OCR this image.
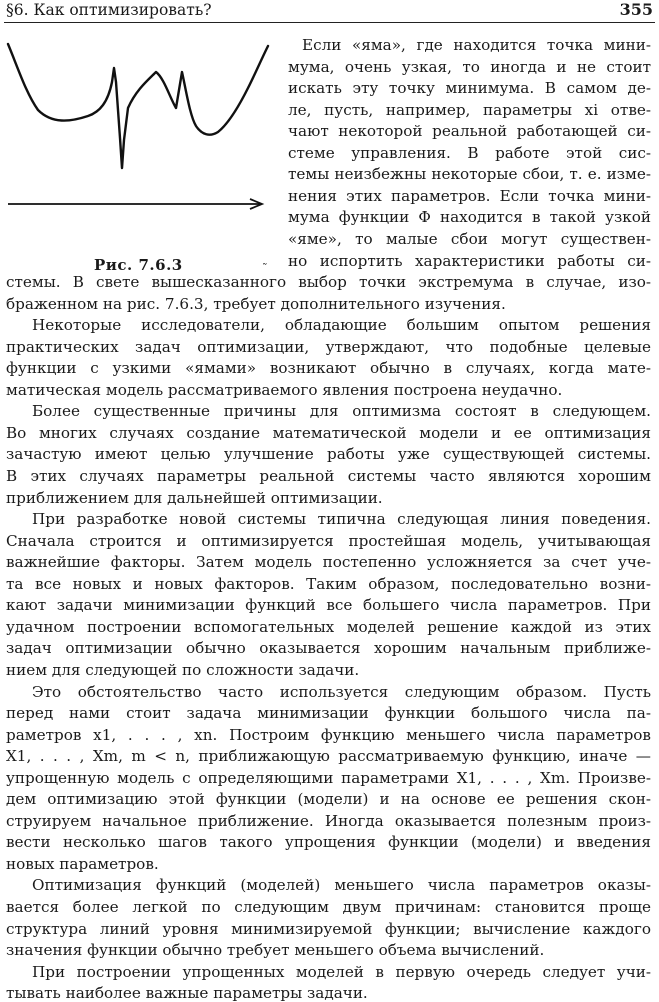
§6. Как оптимизировать?	355
Рис. 7.6.3	˜
Если «яма», где находится точка мини-
мума, очень узкая, то иногда и не стоит
искать эту точку минимума. В самом де-
ле, пусть, например, параметры xi отве-
чают некоторой реальной работающей си-
стеме управления. В работе этой сис-
темы неизбежны некоторые сбои, т. е. изме-
нения этих параметров. Если точка мини-
мума функции Φ находится в такой узкой
«яме», то малые сбои могут существен-
но испортить характеристики работы си-
стемы. В свете вышесказанного выбор точки экстремума в случае, изо-
браженном на рис. 7.6.3, требует дополнительного изучения.
Некоторые исследователи, обладающие большим опытом решения
практических задач оптимизации, утверждают, что подобные целевые
функции с узкими «ямами» возникают обычно в случаях, когда мате-
матическая модель рассматриваемого явления построена неудачно.
Более существенные причины для оптимизма состоят в следующем.
Во многих случаях создание математической модели и ее оптимизация
зачастую имеют целью улучшение работы уже существующей системы.
В этих случаях параметры реальной системы часто являются хорошим
приближением для дальнейшей оптимизации.
При разработке новой системы типична следующая линия поведения.
Сначала строится и оптимизируется простейшая модель, учитывающая
важнейшие факторы. Затем модель постепенно усложняется за счет уче-
та все новых и новых факторов. Таким образом, последовательно возни-
кают задачи минимизации функций все большего числа параметров. При
удачном построении вспомогательных моделей решение каждой из этих
задач оптимизации обычно оказывается хорошим начальным приближе-
нием для следующей по сложности задачи.
Это обстоятельство часто используется следующим образом. Пусть
перед нами стоит задача минимизации функции большого числа па-
раметров x1, . . . , xn. Построим функцию меньшего числа параметров
X1, . . . , Xm, m < n, приближающую рассматриваемую функцию, иначе —
упрощенную модель с определяющими параметрами X1, . . . , Xm. Произве-
дем оптимизацию этой функции (модели) и на основе ее решения скон-
струируем начальное приближение. Иногда оказывается полезным произ-
вести несколько шагов такого упрощения функции (модели) и введения
новых параметров.
Оптимизация функций (моделей) меньшего числа параметров оказы-
вается более легкой по следующим двум причинам: становится проще
структура линий уровня минимизируемой функции; вычисление каждого
значения функции обычно требует меньшего объема вычислений.
При построении упрощенных моделей в первую очередь следует учи-
тывать наиболее важные параметры задачи.
